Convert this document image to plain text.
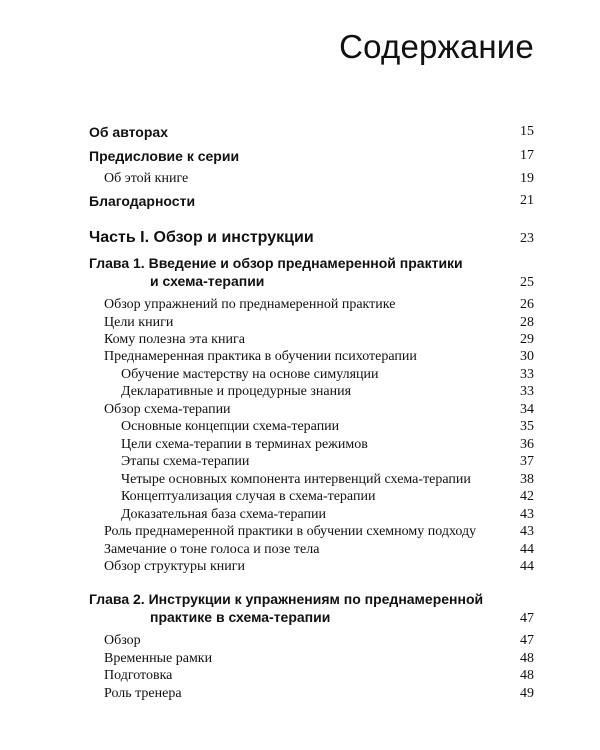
Содержание
Об авторах	15
Предисловие к серии	17
Об этой книге	19
Благодарности	21
Часть I. Обзор и инструкции	23
Глава 1. Введение и обзор преднамеренной практики
и схема-терапии	25
Обзор упражнений по преднамеренной практике	26
Цели книги	28
Кому полезна эта книга	29
Преднамеренная практика в обучении психотерапии	30
Обучение мастерству на основе симуляции	33
Декларативные и процедурные знания	33
Обзор схема-терапии	34
Основные концепции схема-терапии	35
Цели схема-терапии в терминах режимов	36
Этапы схема-терапии	37
Четыре основных компонента интервенций схема-терапии	38
Концептуализация случая в схема-терапии	42
Доказательная база схема-терапии	43
Роль преднамеренной практики в обучении схемному подходу	43
Замечание о тоне голоса и позе тела	44
Обзор структуры книги	44
Глава 2. Инструкции к упражнениям по преднамеренной
практике в схема-терапии	47
Обзор	47
Временные рамки	48
Подготовка	48
Роль тренера	49
